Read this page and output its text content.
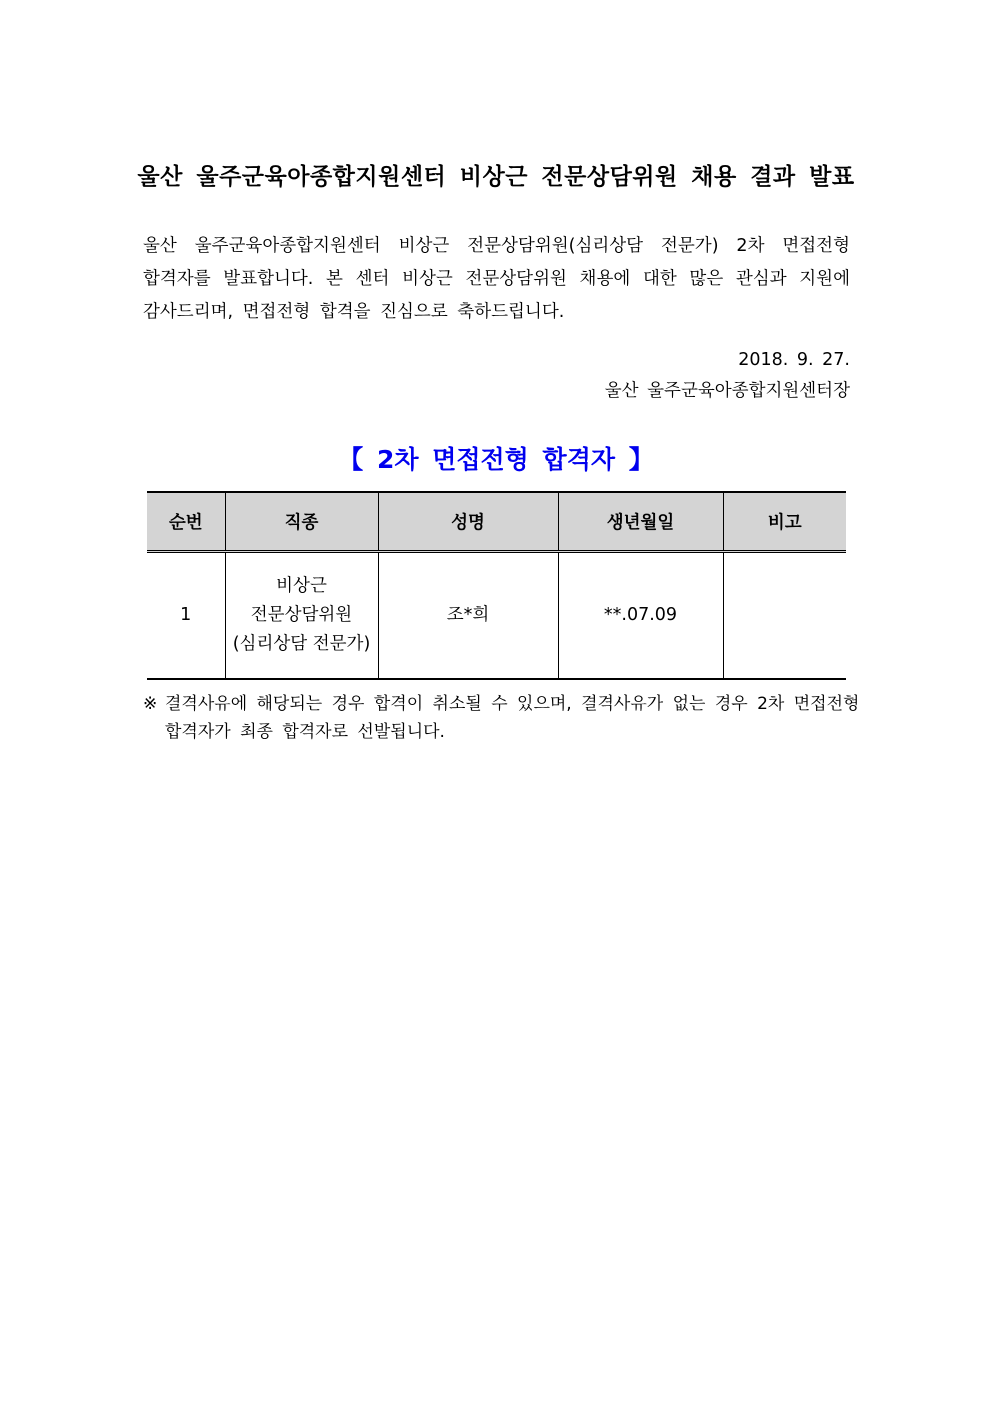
울산 울주군육아종합지원센터 비상근 전문상담위원 채용 결과 발표
울산 울주군육아종합지원센터 비상근 전문상담위원(심리상담 전문가) 2차 면접전형
합격자를 발표합니다. 본 센터 비상근 전문상담위원 채용에 대한 많은 관심과 지원에
감사드리며, 면접전형 합격을 진심으로 축하드립니다.
2018. 9. 27.
울산 울주군육아종합지원센터장
【 2차 면접전형 합격자 】
순번	직종	성명	생년월일	비고
1	비상근
전문상담위원
(심리상담 전문가)	조*희	**.07.09	
※ 결격사유에 해당되는 경우 합격이 취소될 수 있으며, 결격사유가 없는 경우 2차 면접전형
합격자가 최종 합격자로 선발됩니다.
